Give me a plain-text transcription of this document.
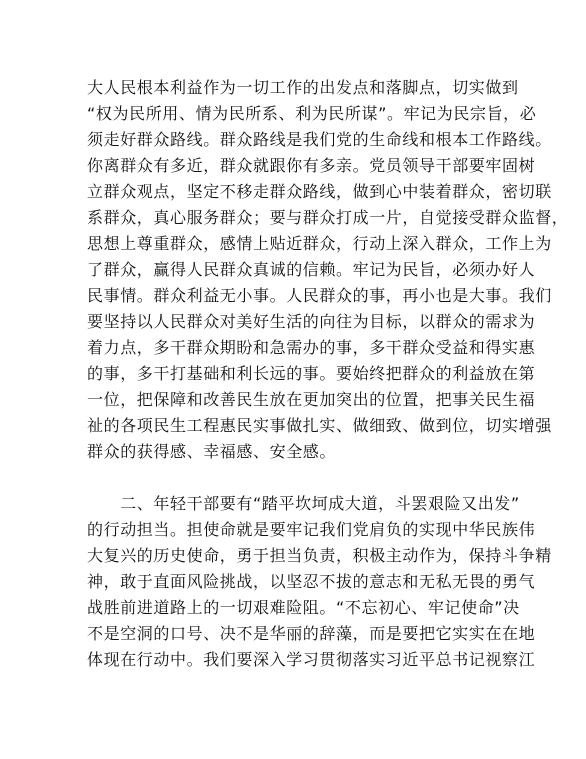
大人民根本利益作为一切工作的出发点和落脚点，切实做到
“权为民所用、情为民所系、利为民所谋”。牢记为民宗旨，必
须走好群众路线。群众路线是我们党的生命线和根本工作路线。
你离群众有多近，群众就跟你有多亲。党员领导干部要牢固树
立群众观点，坚定不移走群众路线，做到心中装着群众，密切联
系群众，真心服务群众；要与群众打成一片，自觉接受群众监督，
思想上尊重群众，感情上贴近群众，行动上深入群众，工作上为
了群众，赢得人民群众真诚的信赖。牢记为民旨，必须办好人
民事情。群众利益无小事。人民群众的事，再小也是大事。我们
要坚持以人民群众对美好生活的向往为目标，以群众的需求为
着力点，多干群众期盼和急需办的事，多干群众受益和得实惠
的事，多干打基础和利长远的事。要始终把群众的利益放在第
一位，把保障和改善民生放在更加突出的位置，把事关民生福
祉的各项民生工程惠民实事做扎实、做细致、做到位，切实增强
群众的获得感、幸福感、安全感。
　　二、年轻干部要有“踏平坎坷成大道，斗罢艰险又出发”
的行动担当。担使命就是要牢记我们党肩负的实现中华民族伟
大复兴的历史使命，勇于担当负责，积极主动作为，保持斗争精
神，敢于直面风险挑战，以坚忍不拔的意志和无私无畏的勇气
战胜前进道路上的一切艰难险阻。“不忘初心、牢记使命”决
不是空洞的口号、决不是华丽的辞藻，而是要把它实实在在地
体现在行动中。我们要深入学习贯彻落实习近平总书记视察江
